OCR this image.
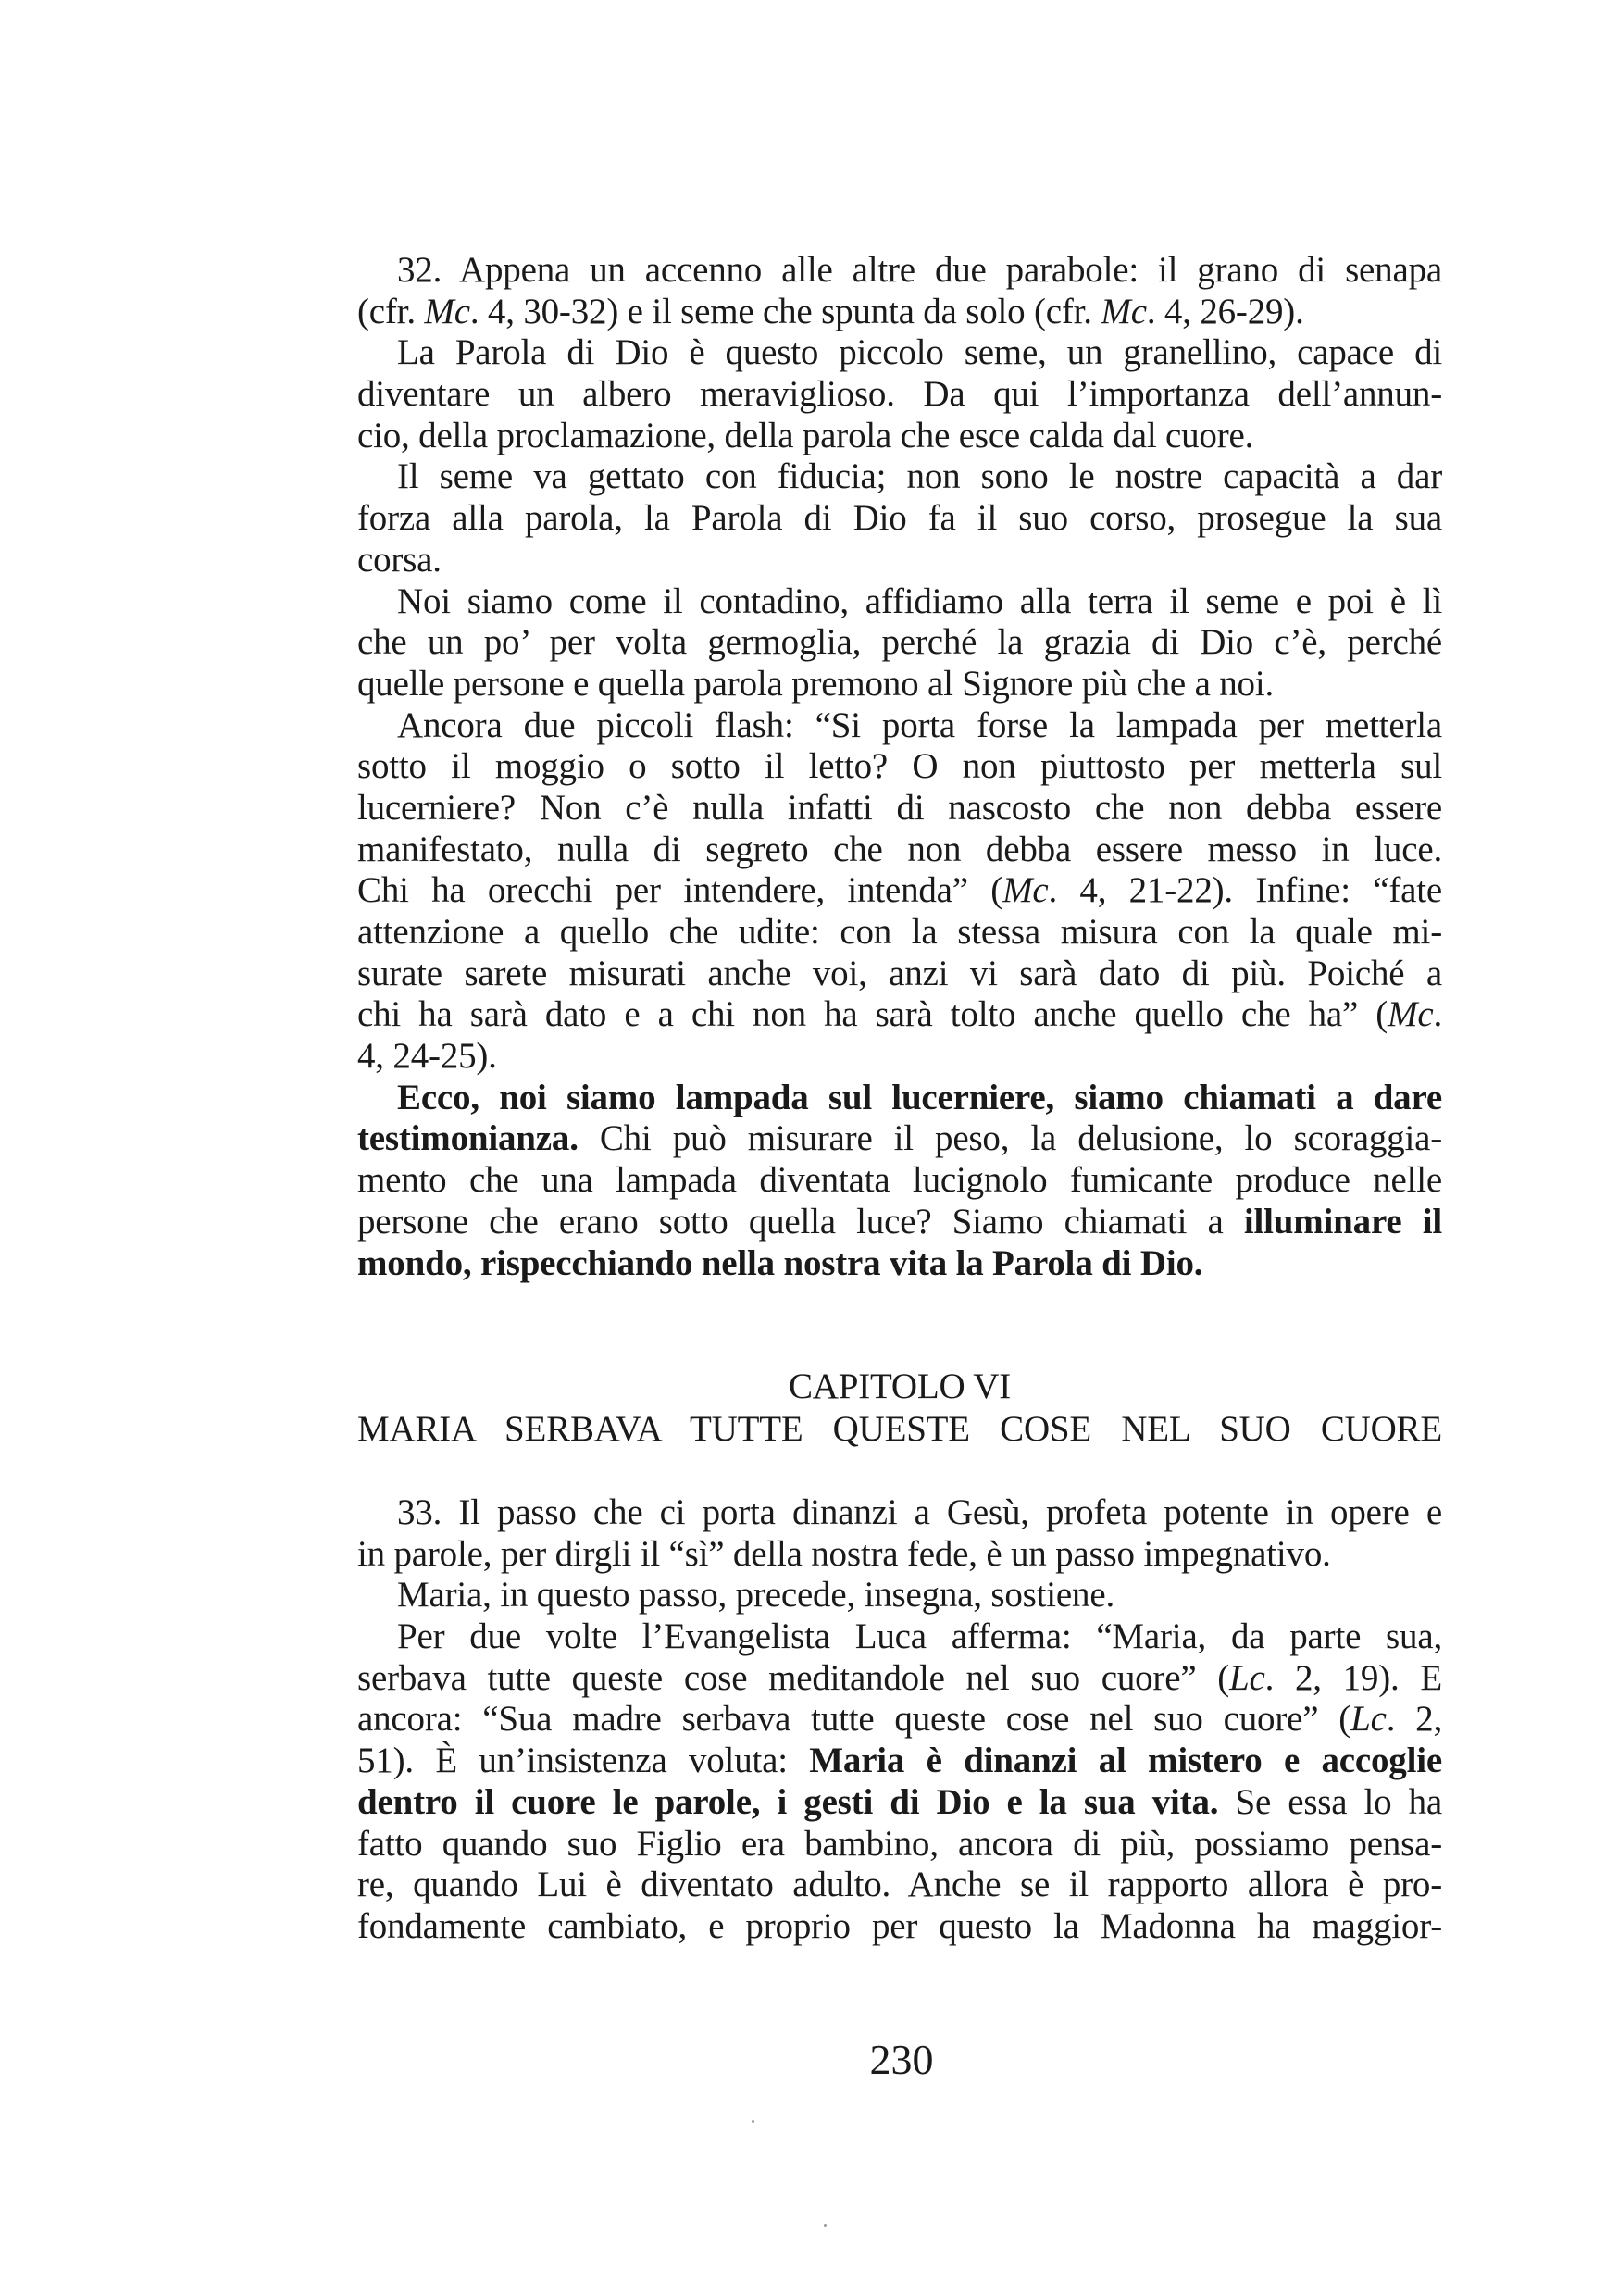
32. Appena un accenno alle altre due parabole: il grano di senapa
(cfr. Mc. 4, 30-32) e il seme che spunta da solo (cfr. Mc. 4, 26-29).
La Parola di Dio è questo piccolo seme, un granellino, capace di
diventare un albero meraviglioso. Da qui l’importanza dell’annun-
cio, della proclamazione, della parola che esce calda dal cuore.
Il seme va gettato con fiducia; non sono le nostre capacità a dar
forza alla parola, la Parola di Dio fa il suo corso, prosegue la sua
corsa.
Noi siamo come il contadino, affidiamo alla terra il seme e poi è lì
che un po’ per volta germoglia, perché la grazia di Dio c’è, perché
quelle persone e quella parola premono al Signore più che a noi.
Ancora due piccoli flash: “Si porta forse la lampada per metterla
sotto il moggio o sotto il letto? O non piuttosto per metterla sul
lucerniere? Non c’è nulla infatti di nascosto che non debba essere
manifestato, nulla di segreto che non debba essere messo in luce.
Chi ha orecchi per intendere, intenda” (Mc. 4, 21-22). Infine: “fate
attenzione a quello che udite: con la stessa misura con la quale mi-
surate sarete misurati anche voi, anzi vi sarà dato di più. Poiché a
chi ha sarà dato e a chi non ha sarà tolto anche quello che ha” (Mc.
4, 24-25).
Ecco, noi siamo lampada sul lucerniere, siamo chiamati a dare
testimonianza. Chi può misurare il peso, la delusione, lo scoraggia-
mento che una lampada diventata lucignolo fumicante produce nelle
persone che erano sotto quella luce? Siamo chiamati a illuminare il
mondo, rispecchiando nella nostra vita la Parola di Dio.
CAPITOLO VI
MARIA SERBAVA TUTTE QUESTE COSE NEL SUO CUORE
33. Il passo che ci porta dinanzi a Gesù, profeta potente in opere e
in parole, per dirgli il “sì” della nostra fede, è un passo impegnativo.
Maria, in questo passo, precede, insegna, sostiene.
Per due volte l’Evangelista Luca afferma: “Maria, da parte sua,
serbava tutte queste cose meditandole nel suo cuore” (Lc. 2, 19). E
ancora: “Sua madre serbava tutte queste cose nel suo cuore” (Lc. 2,
51). È un’insistenza voluta: Maria è dinanzi al mistero e accoglie
dentro il cuore le parole, i gesti di Dio e la sua vita. Se essa lo ha
fatto quando suo Figlio era bambino, ancora di più, possiamo pensa-
re, quando Lui è diventato adulto. Anche se il rapporto allora è pro-
fondamente cambiato, e proprio per questo la Madonna ha maggior-
230
